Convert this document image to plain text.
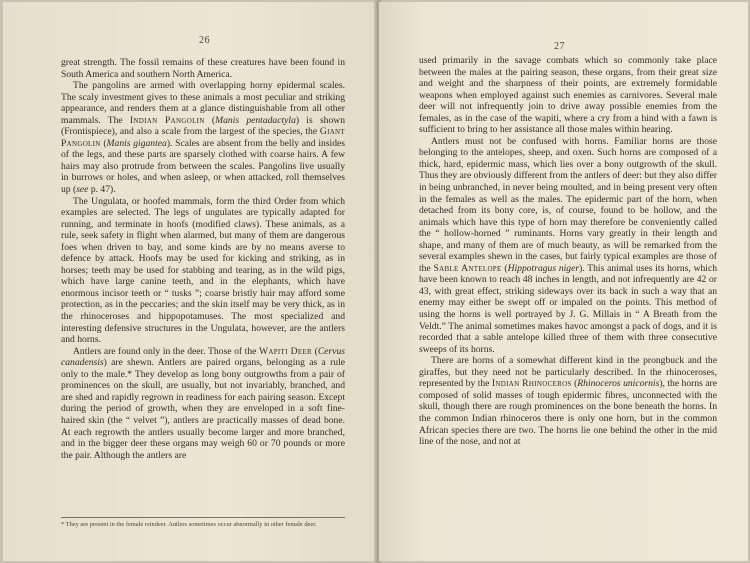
26

great strength. The fossil remains of these creatures have been found in South America and southern North America.

The pangolins are armed with overlapping horny epidermal scales. The scaly investment gives to these animals a most peculiar and striking appearance, and renders them at a glance distinguishable from all other mammals. The Indian Pangolin (Manis pentadactyla) is shown (Frontispiece), and also a scale from the largest of the species, the Giant Pangolin (Manis gigantea). Scales are absent from the belly and insides of the legs, and these parts are sparsely clothed with coarse hairs. A few hairs may also protrude from between the scales. Pangolins live usually in burrows or holes, and when asleep, or when attacked, roll themselves up (see p. 47).

The Ungulata, or hoofed mammals, form the third Order from which examples are selected. The legs of ungulates are typically adapted for running, and terminate in hoofs (modified claws). These animals, as a rule, seek safety in flight when alarmed, but many of them are dangerous foes when driven to bay, and some kinds are by no means averse to defence by attack. Hoofs may be used for kicking and striking, as in horses; teeth may be used for stabbing and tearing, as in the wild pigs, which have large canine teeth, and in the elephants, which have enormous incisor teeth or “ tusks ”; coarse bristly hair may afford some protection, as in the peccaries; and the skin itself may be very thick, as in the rhinoceroses and hippopotamuses. The most specialized and interesting defensive structures in the Ungulata, however, are the antlers and horns.

Antlers are found only in the deer. Those of the Wapiti Deer (Cervus canadensis) are shewn. Antlers are paired organs, belonging as a rule only to the male.* They develop as long bony outgrowths from a pair of prominences on the skull, are usually, but not invariably, branched, and are shed and rapidly regrown in readiness for each pairing season. Except during the period of growth, when they are enveloped in a soft fine-haired skin (the “ velvet ”), antlers are practically masses of dead bone. At each regrowth the antlers usually become larger and more branched, and in the bigger deer these organs may weigh 60 or 70 pounds or more the pair. Although the antlers are

* They are present in the female reindeer. Antlers sometimes occur abnormally in other female deer.
27

used primarily in the savage combats which so commonly take place between the males at the pairing season, these organs, from their great size and weight and the sharpness of their points, are extremely formidable weapons when employed against such enemies as carnivores. Several male deer will not infrequently join to drive away possible enemies from the females, as in the case of the wapiti, where a cry from a hind with a fawn is sufficient to bring to her assistance all those males within hearing.

Antlers must not be confused with horns. Familiar horns are those belonging to the antelopes, sheep, and oxen. Such horns are composed of a thick, hard, epidermic mass, which lies over a bony outgrowth of the skull. Thus they are obviously different from the antlers of deer: but they also differ in being unbranched, in never being moulted, and in being present very often in the females as well as the males. The epidermic part of the horn, when detached from its bony core, is, of course, found to be hollow, and the animals which have this type of horn may therefore be conveniently called the “ hollow-horned ” ruminants. Horns vary greatly in their length and shape, and many of them are of much beauty, as will be remarked from the several examples shewn in the cases, but fairly typical examples are those of the Sable Antelope (Hippotragus niger). This animal uses its horns, which have been known to reach 48 inches in length, and not infrequently are 42 or 43, with great effect, striking sideways over its back in such a way that an enemy may either be swept off or impaled on the points. This method of using the horns is well portrayed by J. G. Millais in “ A Breath from the Veldt.” The animal sometimes makes havoc amongst a pack of dogs, and it is recorded that a sable antelope killed three of them with three consecutive sweeps of its horns.

There are horns of a somewhat different kind in the prongbuck and the giraffes, but they need not be particularly described. In the rhinoceroses, represented by the Indian Rhinoceros (Rhinoceros unicornis), the horns are composed of solid masses of tough epidermic fibres, unconnected with the skull, though there are rough prominences on the bone beneath the horns. In the common Indian rhinoceros there is only one horn, but in the common African species there are two. The horns lie one behind the other in the mid line of the nose, and not at
